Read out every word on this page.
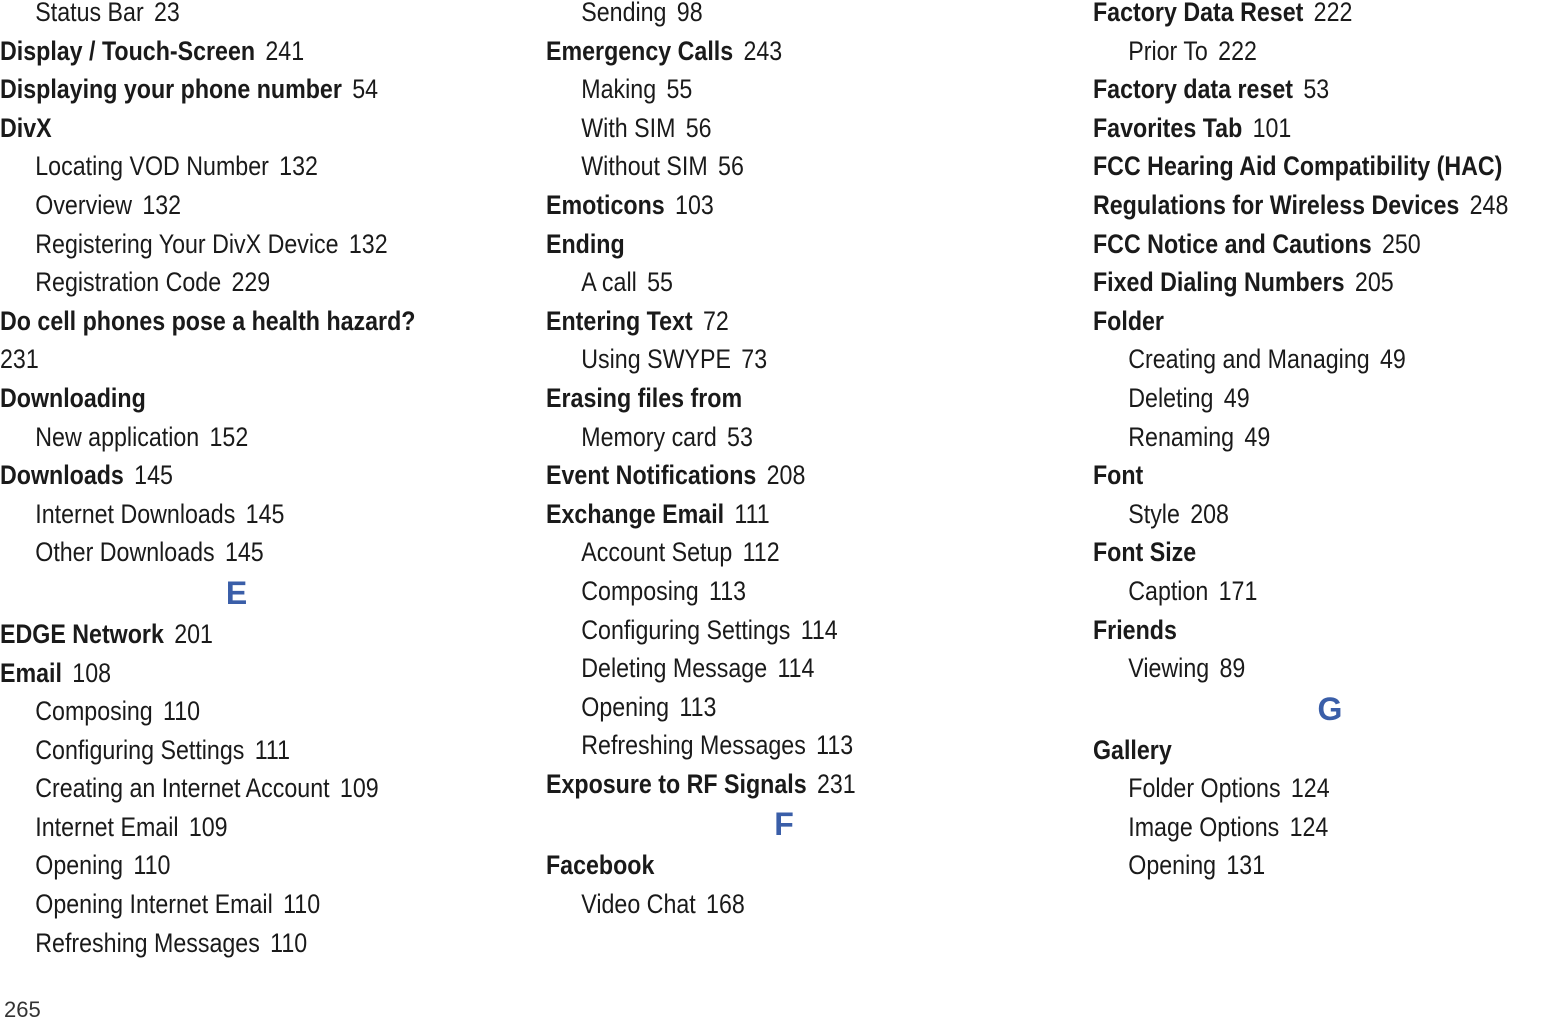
Status Bar 23
Display / Touch-Screen 241
Displaying your phone number 54
DivX
Locating VOD Number 132
Overview 132
Registering Your DivX Device 132
Registration Code 229
Do cell phones pose a health hazard?
231
Downloading
New application 152
Downloads 145
Internet Downloads 145
Other Downloads 145
E
EDGE Network 201
Email 108
Composing 110
Configuring Settings 111
Creating an Internet Account 109
Internet Email 109
Opening 110
Opening Internet Email 110
Refreshing Messages 110
Sending 98
Emergency Calls 243
Making 55
With SIM 56
Without SIM 56
Emoticons 103
Ending
A call 55
Entering Text 72
Using SWYPE 73
Erasing files from
Memory card 53
Event Notifications 208
Exchange Email 111
Account Setup 112
Composing 113
Configuring Settings 114
Deleting Message 114
Opening 113
Refreshing Messages 113
Exposure to RF Signals 231
F
Facebook
Video Chat 168
Factory Data Reset 222
Prior To 222
Factory data reset 53
Favorites Tab 101
FCC Hearing Aid Compatibility (HAC)
Regulations for Wireless Devices 248
FCC Notice and Cautions 250
Fixed Dialing Numbers 205
Folder
Creating and Managing 49
Deleting 49
Renaming 49
Font
Style 208
Font Size
Caption 171
Friends
Viewing 89
G
Gallery
Folder Options 124
Image Options 124
Opening 131
265
